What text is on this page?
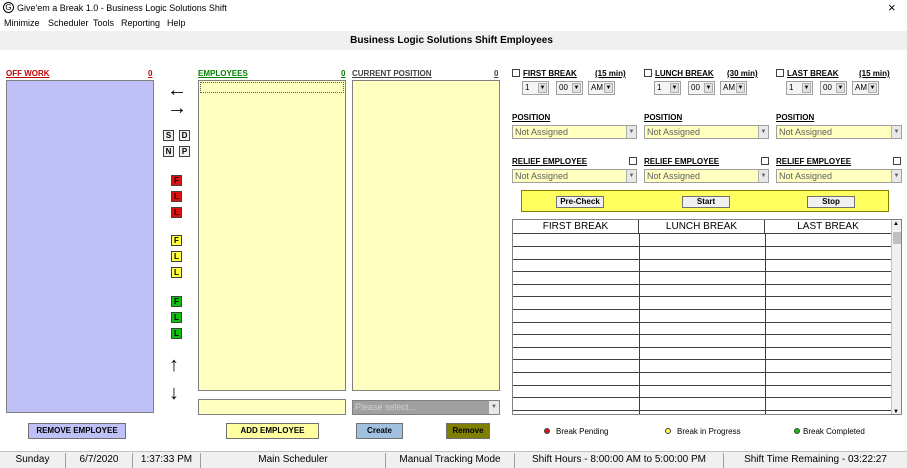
G Give'em a Break 1.0 - Business Logic Solutions Shift	×
Minimize Scheduler Tools Reporting Help
Business Logic Solutions Shift Employees
OFF WORK	0
←
→
S	D
N	P
F
L
L
F
L
L
F
L
L
↑
↓
EMPLOYEES	0 CURRENT POSITION	0
Please select...	▼
FIRST BREAK (15 min)
1 ▼	00 ▼	AM ▼
POSITION
Not Assigned	▼
RELIEF EMPLOYEE
Not Assigned	▼
LUNCH BREAK (30 min)
1 ▼	00 ▼	AM ▼
POSITION
Not Assigned	▼
RELIEF EMPLOYEE
Not Assigned	▼
LAST BREAK	(15 min)
1 ▼	00 ▼	AM ▼
POSITION
Not Assigned	▼
RELIEF EMPLOYEE
Not Assigned	▼
Pre-Check	Start	Stop
FIRST BREAK	LUNCH BREAK	LAST BREAK	▲
▼
REMOVE EMPLOYEE	ADD EMPLOYEE	Create	Remove	Break Pending	Break in Progress	Break Completed
Sunday	6/7/2020	1:37:33 PM	Main Scheduler	Manual Tracking Mode	Shift Hours - 8:00:00 AM to 5:00:00 PM	Shift Time Remaining - 03:22:27
